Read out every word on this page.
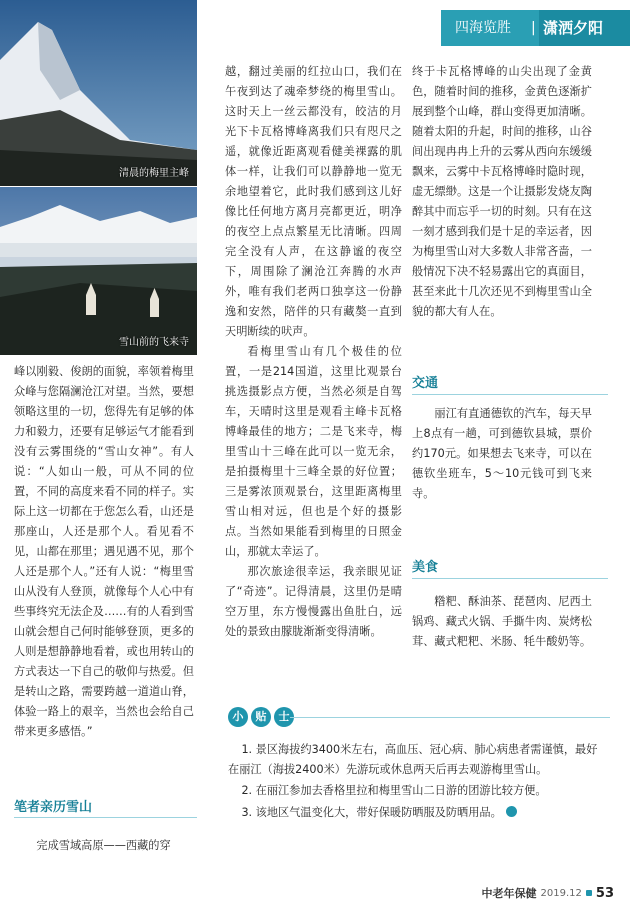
四海览胜	| 潇洒夕阳
清晨的梅里主峰
雪山前的飞来寺

峰以刚毅、俊朗的面貌，率领着梅里众峰与您隔澜沧江对望。当然，要想领略这里的一切，您得先有足够的体力和毅力，还要有足够运气才能看到没有云雾围绕的“雪山女神”。有人说：“人如山一般，可从不同的位置，不同的高度来看不同的样子。实际上这一切都在于您怎么看，山还是那座山，人还是那个人。看见看不见，山都在那里；遇见遇不见，那个人还是那个人。”还有人说：“梅里雪山从没有人登顶，就像每个人心中有些事终究无法企及……有的人看到雪山就会想自己何时能够登顶，更多的人则是想静静地看着，或也用转山的方式表达一下自己的敬仰与热爱。但是转山之路，需要跨越一道道山脊，体验一路上的艰辛，当然也会给自己带来更多感悟。”

笔者亲历雪山

完成雪域高原——西藏的穿

越，翻过美丽的红拉山口，我们在午夜到达了魂牵梦绕的梅里雪山。这时天上一丝云都没有，皎洁的月光下卡瓦格博峰离我们只有咫尺之遥，就像近距离观看健美裸露的肌体一样，让我们可以静静地一览无余地望着它，此时我们感到这儿好像比任何地方离月亮都更近，明净的夜空上点点繁星无比清晰。四周完全没有人声，在这静谧的夜空下，周围除了澜沧江奔腾的水声外，唯有我们老两口独享这一份静逸和安然，陪伴的只有藏獒一直到天明断续的吠声。

看梅里雪山有几个极佳的位置，一是214国道，这里比观景台挑选摄影点方便，当然必须是自驾车，天晴时这里是观看主峰卡瓦格博峰最佳的地方；二是飞来寺，梅里雪山十三峰在此可以一览无余，是拍摄梅里十三峰全景的好位置；三是雾浓顶观景台，这里距离梅里雪山相对远，但也是个好的摄影点。当然如果能看到梅里的日照金山，那就太幸运了。

那次旅途很幸运，我亲眼见证了“奇迹”。记得清晨，这里仍是晴空万里，东方慢慢露出鱼肚白，远处的景致由朦胧渐渐变得清晰。

终于卡瓦格博峰的山尖出现了金黄色，随着时间的推移，金黄色逐渐扩展到整个山峰，群山变得更加清晰。随着太阳的升起，时间的推移，山谷间出现冉冉上升的云雾从西向东缓缓飘来，云雾中卡瓦格博峰时隐时现，虚无缥缈。这是一个让摄影发烧友陶醉其中而忘乎一切的时刻。只有在这一刻才感到我们是十足的幸运者，因为梅里雪山对大多数人非常吝啬，一般情况下决不轻易露出它的真面目，甚至来此十几次还见不到梅里雪山全貌的都大有人在。

交通

丽江有直通德钦的汽车，每天早上8点有一趟，可到德钦县城，票价约170元。如果想去飞来寺，可以在德钦坐班车，5～10元钱可到飞来寺。

美食

糌粑、酥油茶、琵琶肉、尼西土锅鸡、藏式火锅、手撕牛肉、炭烤松茸、藏式粑粑、米肠、牦牛酸奶等。

小	贴	士

1. 景区海拔约3400米左右，高血压、冠心病、肺心病患者需谨慎，最好在丽江（海拔2400米）先游玩或休息两天后再去观游梅里雪山。

2. 在丽江参加去香格里拉和梅里雪山二日游的团游比较方便。

3. 该地区气温变化大，带好保暖防晒服及防晒用品。

中老年保健 2019.12 53
